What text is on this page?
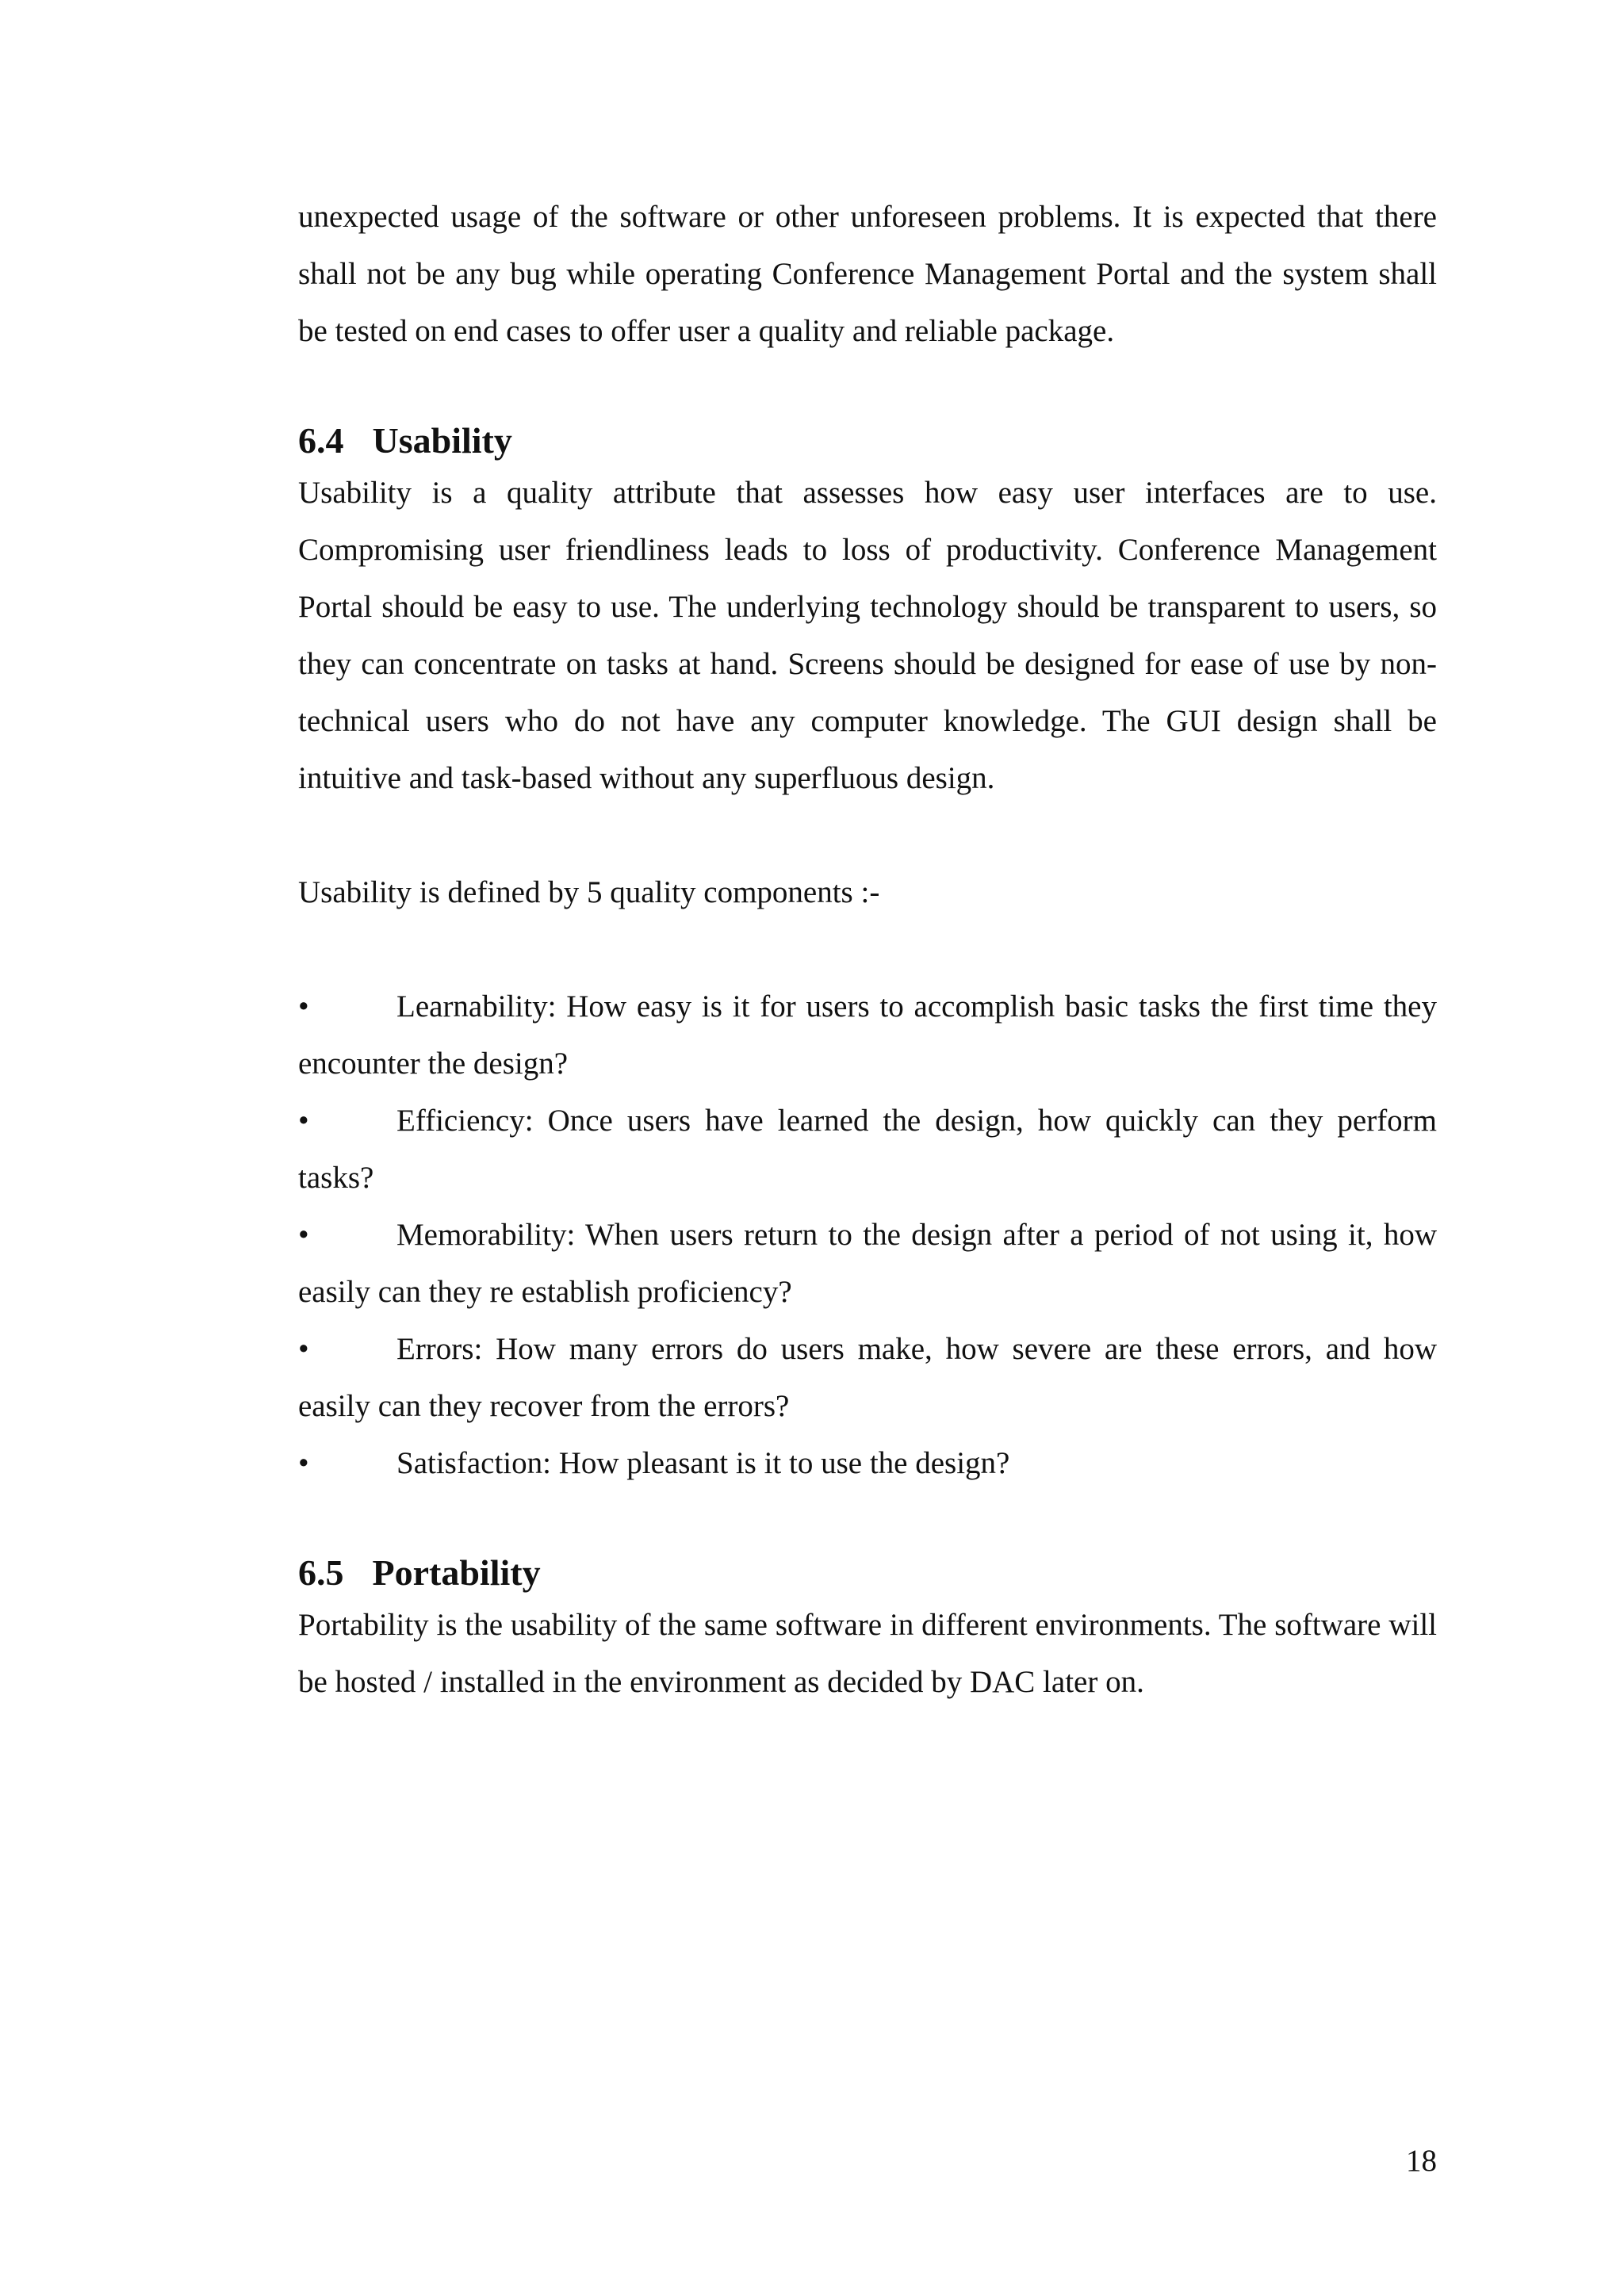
unexpected usage of the software or other unforeseen problems. It is expected that there shall not be any bug while operating Conference Management Portal and the system shall be tested on end cases to offer user a quality and reliable package.

6.4 Usability

Usability is a quality attribute that assesses how easy user interfaces are to use. Compromising user friendliness leads to loss of productivity. Conference Management Portal should be easy to use. The underlying technology should be transparent to users, so they can concentrate on tasks at hand. Screens should be designed for ease of use by non-technical users who do not have any computer knowledge. The GUI design shall be intuitive and task-based without any superfluous design.

Usability is defined by 5 quality components :-

•	Learnability: How easy is it for users to accomplish basic tasks the first time they encounter the design?
•	Efficiency: Once users have learned the design, how quickly can they perform tasks?
•	Memorability: When users return to the design after a period of not using it, how easily can they re establish proficiency?
•	Errors: How many errors do users make, how severe are these errors, and how easily can they recover from the errors?
•	Satisfaction: How pleasant is it to use the design?
6.5 Portability

Portability is the usability of the same software in different environments. The software will be hosted / installed in the environment as decided by DAC later on.

18
